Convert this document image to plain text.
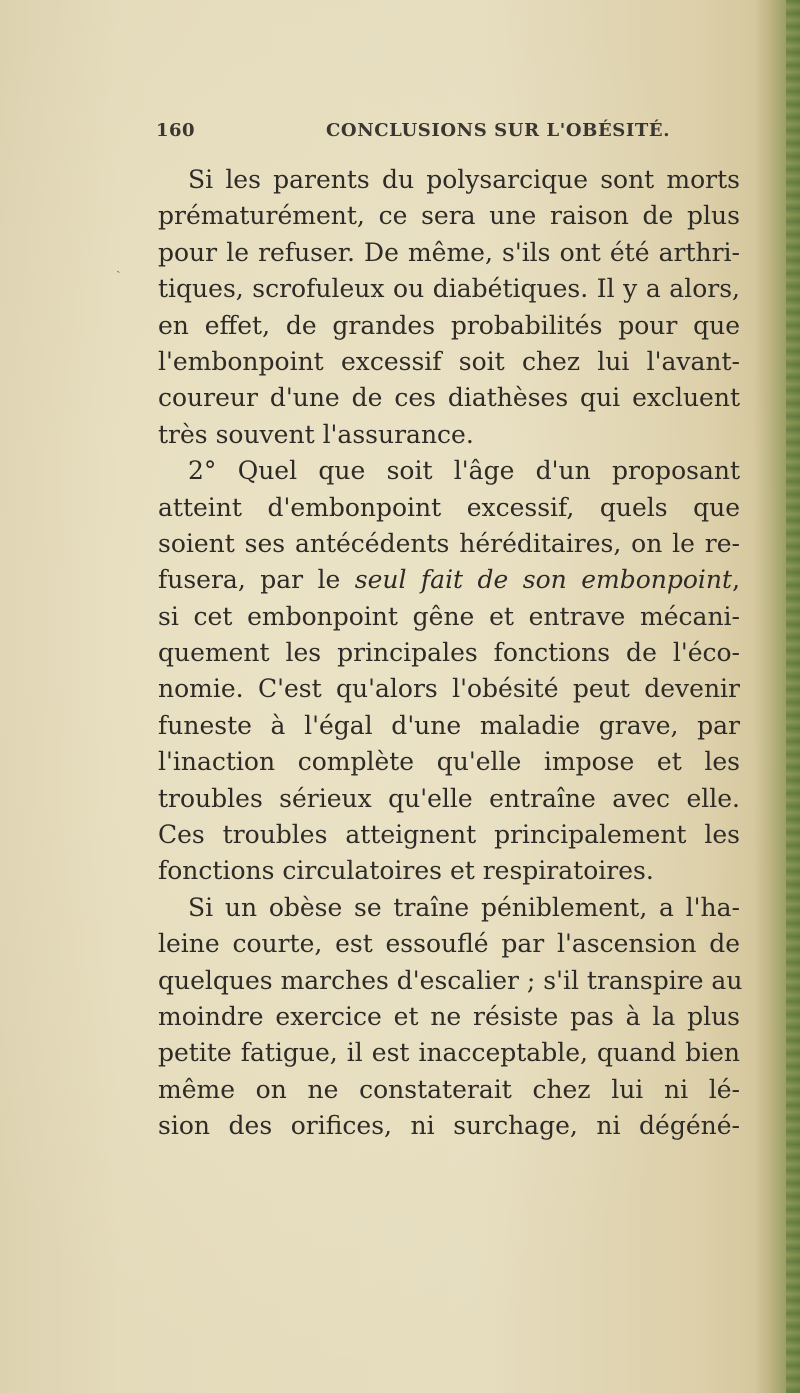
160	CONCLUSIONS SUR L'OBÉSITÉ.
ˎ
Si les parents du polysarcique sont morts
prématurément, ce sera une raison de plus
pour le refuser. De même, s'ils ont été arthri-
tiques, scrofuleux ou diabétiques. Il y a alors,
en effet, de grandes probabilités pour que
l'embonpoint excessif soit chez lui l'avant-
coureur d'une de ces diathèses qui excluent
très souvent l'assurance.
2° Quel que soit l'âge d'un proposant
atteint d'embonpoint excessif, quels que
soient ses antécédents héréditaires, on le re-
fusera, par le seul fait de son embonpoint,
si cet embonpoint gêne et entrave mécani-
quement les principales fonctions de l'éco-
nomie. C'est qu'alors l'obésité peut devenir
funeste à l'égal d'une maladie grave, par
l'inaction complète qu'elle impose et les
troubles sérieux qu'elle entraîne avec elle.
Ces troubles atteignent principalement les
fonctions circulatoires et respiratoires.
Si un obèse se traîne péniblement, a l'ha-
leine courte, est essouflé par l'ascension de
quelques marches d'escalier ; s'il transpire au
moindre exercice et ne résiste pas à la plus
petite fatigue, il est inacceptable, quand bien
même on ne constaterait chez lui ni lé-
sion des orifices, ni surchage, ni dégéné-
